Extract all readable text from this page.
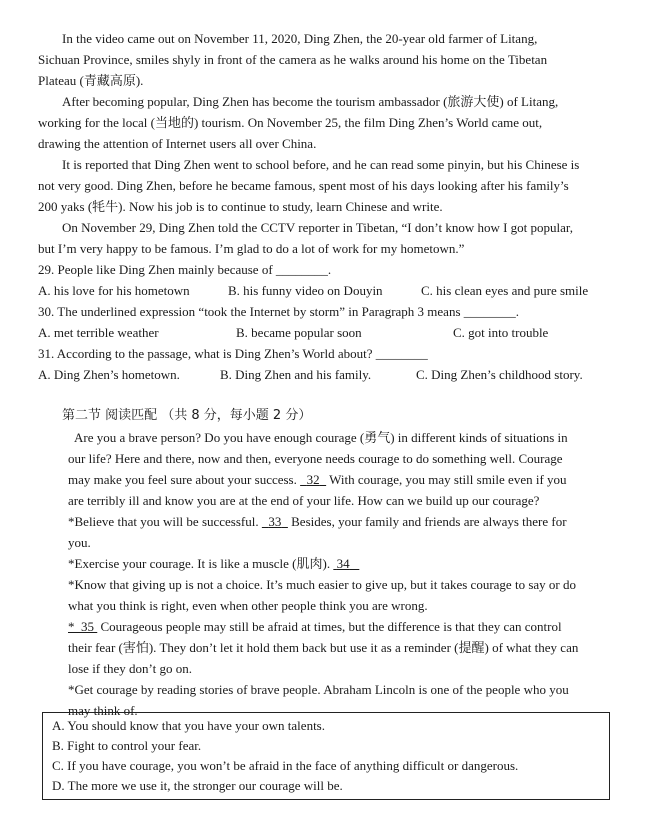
In the video came out on November 11, 2020, Ding Zhen, the 20-year old farmer of Litang,
Sichuan Province, smiles shyly in front of the camera as he walks around his home on the Tibetan
Plateau (青藏高原).
After becoming popular, Ding Zhen has become the tourism ambassador (旅游大使) of Litang,
working for the local (当地的) tourism. On November 25, the film Ding Zhen’s World came out,
drawing the attention of Internet users all over China.
It is reported that Ding Zhen went to school before, and he can read some pinyin, but his Chinese is
not very good. Ding Zhen, before he became famous, spent most of his days looking after his family’s
200 yaks (牦牛). Now his job is to continue to study, learn Chinese and write.
On November 29, Ding Zhen told the CCTV reporter in Tibetan, “I don’t know how I got popular,
but I’m very happy to be famous. I’m glad to do a lot of work for my hometown.”
29. People like Ding Zhen mainly because of ________.
A. his love for his hometown	B. his funny video on Douyin	C. his clean eyes and pure smile
30. The underlined expression “took the Internet by storm” in Paragraph 3 means ________.
A. met terrible weather	B. became popular soon	C. got into trouble
31. According to the passage, what is Ding Zhen’s World about? ________
A. Ding Zhen’s hometown.	B. Ding Zhen and his family.	C. Ding Zhen’s childhood story.
第二节 阅读匹配 （共 8 分，每小题 2 分）
Are you a brave person? Do you have enough courage (勇气) in different kinds of situations in
our life? Here and there, now and then, everyone needs courage to do something well. Courage
may make you feel sure about your success. 32 With courage, you may still smile even if you
are terribly ill and know you are at the end of your life. How can we build up our courage?
*Believe that you will be successful. 33 Besides, your family and friends are always there for
you.
*Exercise your courage. It is like a muscle (肌肉). 34
*Know that giving up is not a choice. It’s much easier to give up, but it takes courage to say or do
what you think is right, even when other people think you are wrong.
* 35 Courageous people may still be afraid at times, but the difference is that they can control
their fear (害怕). They don’t let it hold them back but use it as a reminder (提醒) of what they can
lose if they don’t go on.
*Get courage by reading stories of brave people. Abraham Lincoln is one of the people who you
may think of.
A. You should know that you have your own talents.
B. Fight to control your fear.
C. If you have courage, you won’t be afraid in the face of anything difficult or dangerous.
D. The more we use it, the stronger our courage will be.
